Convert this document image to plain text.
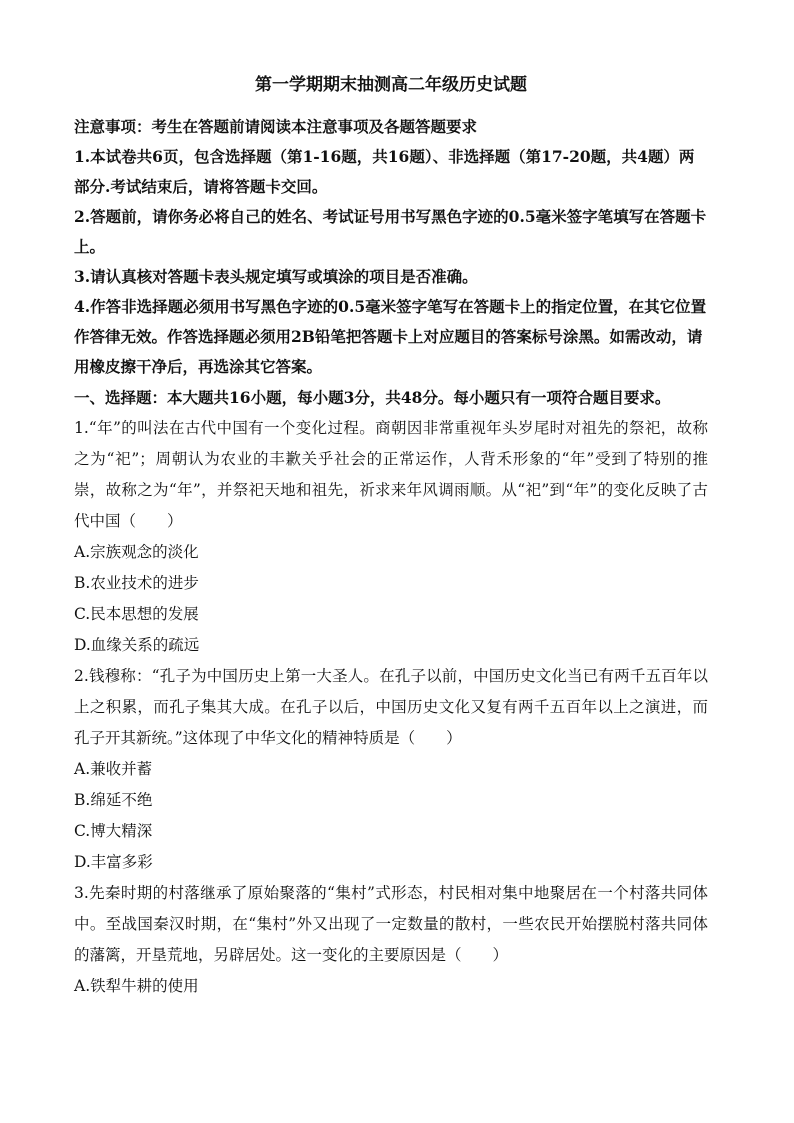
第一学期期末抽测高二年级历史试题

注意事项：考生在答题前请阅读本注意事项及各题答题要求

1.本试卷共6页，包含选择题（第1-16题，共16题）、非选择题（第17-20题，共4题）两部分.考试结束后，请将答题卡交回。

2.答题前，请你务必将自己的姓名、考试证号用书写黑色字迹的0.5毫米签字笔填写在答题卡上。

3.请认真核对答题卡表头规定填写或填涂的项目是否准确。

4.作答非选择题必须用书写黑色字迹的0.5毫米签字笔写在答题卡上的指定位置，在其它位置作答律无效。作答选择题必须用2B铅笔把答题卡上对应题目的答案标号涂黑。如需改动，请用橡皮擦干净后，再选涂其它答案。

一、选择题：本大题共16小题，每小题3分，共48分。每小题只有一项符合题目要求。

1.“年”的叫法在古代中国有一个变化过程。商朝因非常重视年头岁尾时对祖先的祭祀，故称之为“祀”；周朝认为农业的丰歉关乎社会的正常运作，人背禾形象的“年”受到了特别的推崇，故称之为“年”，并祭祀天地和祖先，祈求来年风调雨顺。从“祀”到“年”的变化反映了古代中国（　　）

A.宗族观念的淡化

B.农业技术的进步

C.民本思想的发展

D.血缘关系的疏远

2.钱穆称：“孔子为中国历史上第一大圣人。在孔子以前，中国历史文化当已有两千五百年以上之积累，而孔子集其大成。在孔子以后，中国历史文化又复有两千五百年以上之演进，而孔子开其新统。”这体现了中华文化的精神特质是（　　）

A.兼收并蓄

B.绵延不绝

C.博大精深

D.丰富多彩

3.先秦时期的村落继承了原始聚落的“集村”式形态，村民相对集中地聚居在一个村落共同体中。至战国秦汉时期，在“集村”外又出现了一定数量的散村，一些农民开始摆脱村落共同体的藩篱，开垦荒地，另辟居处。这一变化的主要原因是（　　）

A.铁犁牛耕的使用
